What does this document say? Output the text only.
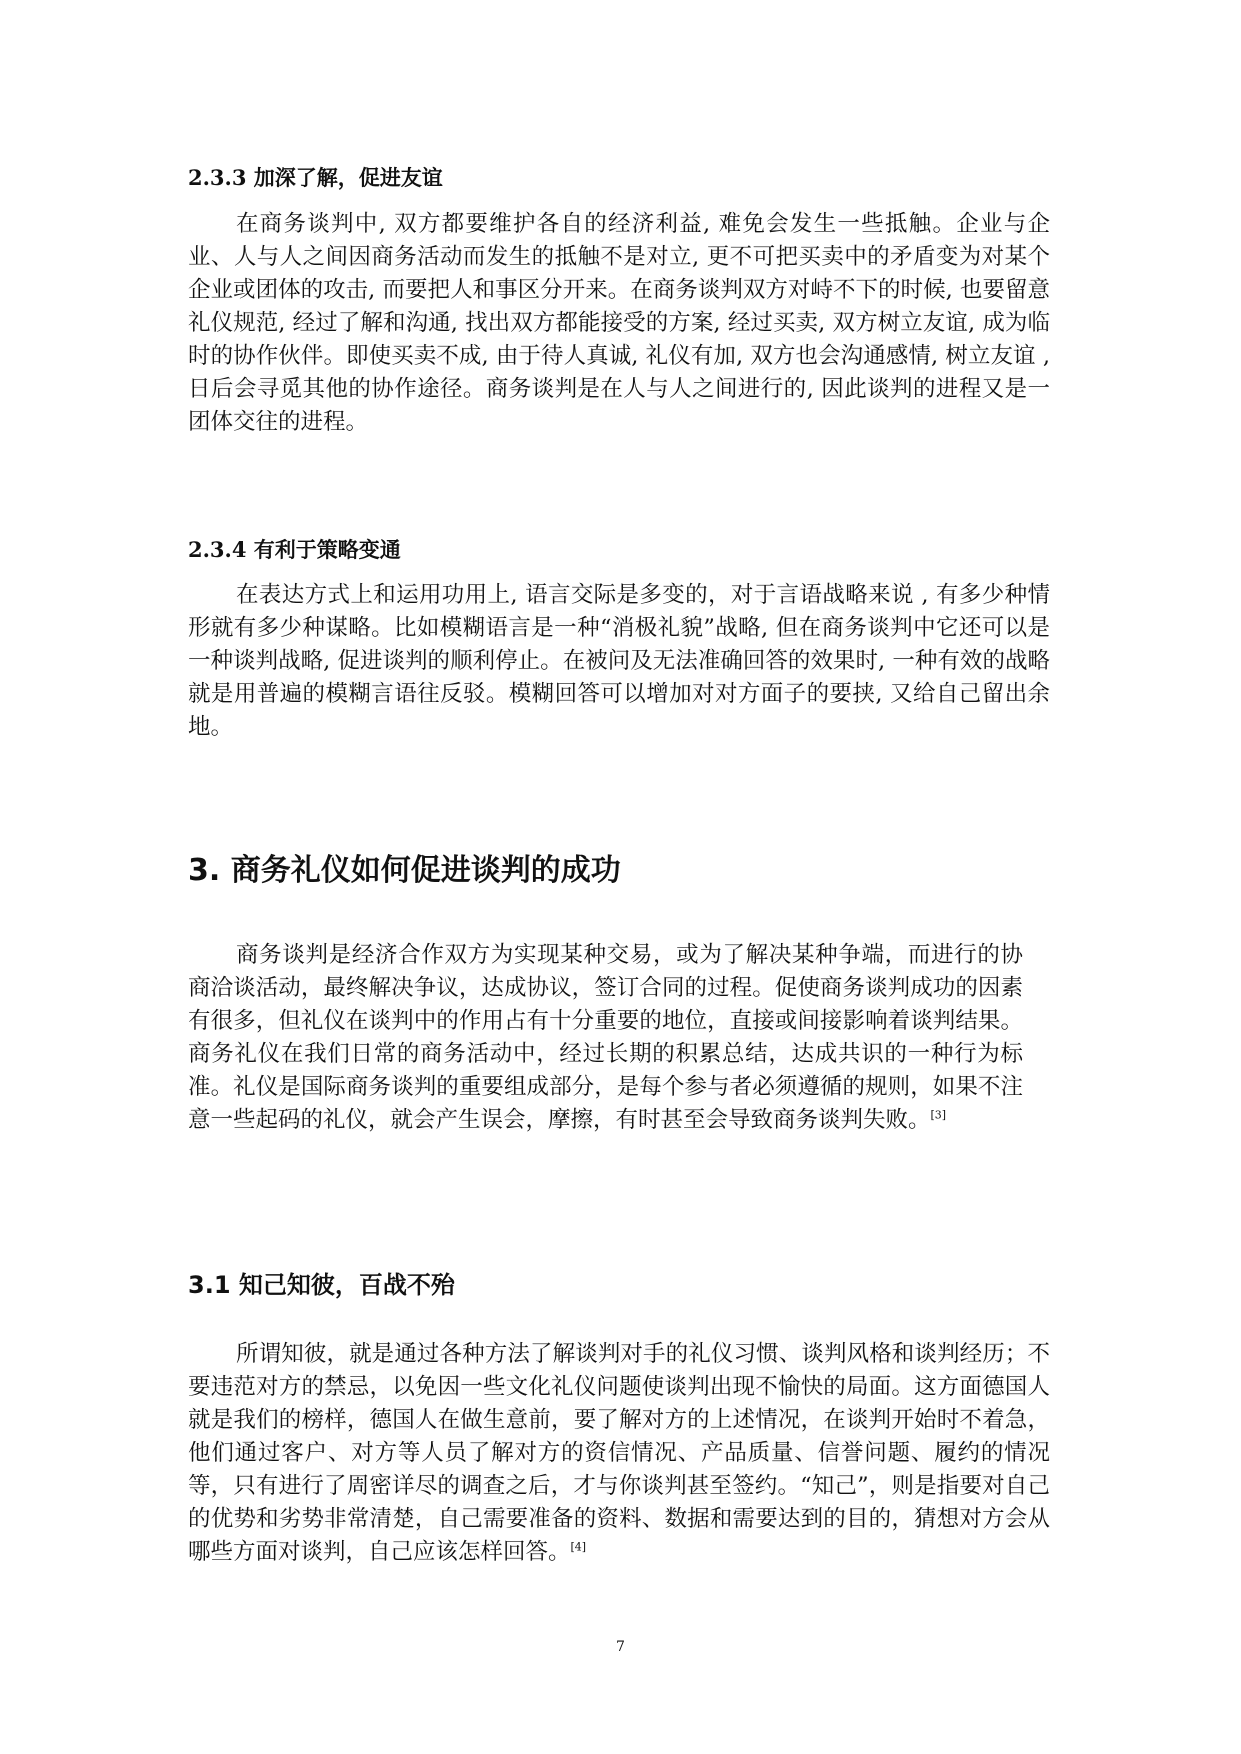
2.3.3 加深了解，促进友谊

在商务谈判中, 双方都要维护各自的经济利益, 难免会发生一些抵触。企业与企业、人与人之间因商务活动而发生的抵触不是对立, 更不可把买卖中的矛盾变为对某个企业或团体的攻击, 而要把人和事区分开来。在商务谈判双方对峙不下的时候, 也要留意礼仪规范, 经过了解和沟通, 找出双方都能接受的方案, 经过买卖, 双方树立友谊, 成为临时的协作伙伴。即使买卖不成, 由于待人真诚, 礼仪有加, 双方也会沟通感情, 树立友谊 , 日后会寻觅其他的协作途径。商务谈判是在人与人之间进行的, 因此谈判的进程又是一团体交往的进程。

2.3.4 有利于策略变通

在表达方式上和运用功用上, 语言交际是多变的，对于言语战略来说 , 有多少种情形就有多少种谋略。比如模糊语言是一种“消极礼貌”战略, 但在商务谈判中它还可以是一种谈判战略, 促进谈判的顺利停止。在被问及无法准确回答的效果时, 一种有效的战略就是用普遍的模糊言语往反驳。模糊回答可以增加对对方面子的要挟, 又给自己留出余地。

3. 商务礼仪如何促进谈判的成功

商务谈判是经济合作双方为实现某种交易，或为了解决某种争端，而进行的协商洽谈活动，最终解决争议，达成协议，签订合同的过程。促使商务谈判成功的因素有很多，但礼仪在谈判中的作用占有十分重要的地位，直接或间接影响着谈判结果。商务礼仪在我们日常的商务活动中，经过长期的积累总结，达成共识的一种行为标准。礼仪是国际商务谈判的重要组成部分，是每个参与者必须遵循的规则，如果不注意一些起码的礼仪，就会产生误会，摩擦，有时甚至会导致商务谈判失败。[3]

3.1 知己知彼，百战不殆

所谓知彼，就是通过各种方法了解谈判对手的礼仪习惯、谈判风格和谈判经历；不要违范对方的禁忌，以免因一些文化礼仪问题使谈判出现不愉快的局面。这方面德国人就是我们的榜样，德国人在做生意前，要了解对方的上述情况，在谈判开始时不着急，他们通过客户、对方等人员了解对方的资信情况、产品质量、信誉问题、履约的情况等，只有进行了周密详尽的调查之后，才与你谈判甚至签约。“知己”，则是指要对自己的优势和劣势非常清楚，自己需要准备的资料、数据和需要达到的目的，猜想对方会从哪些方面对谈判，自己应该怎样回答。[4]

7
